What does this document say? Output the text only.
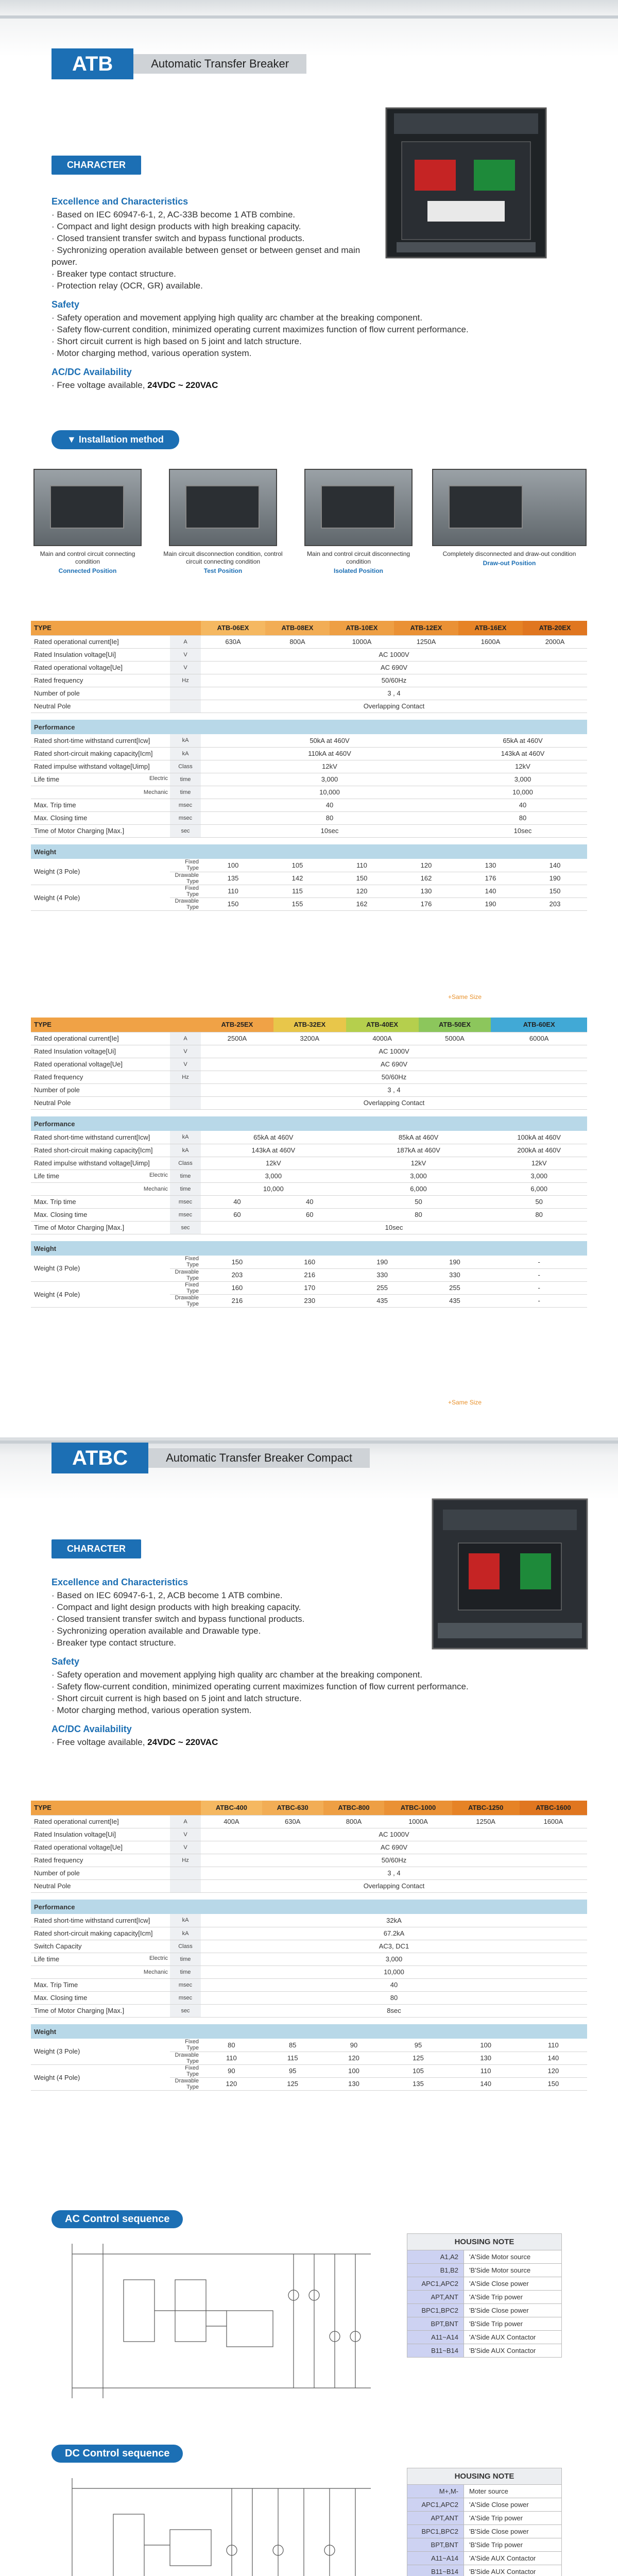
ATB	Automatic Transfer Breaker
CHARACTER
Excellence and Characteristics
· Based on IEC 60947-6-1, 2, AC-33B become 1 ATB combine.
· Compact and light design products with high breaking capacity.
· Closed transient transfer switch and bypass functional products.
· Sychronizing operation available between genset or between genset and main power.
· Breaker type contact structure.
· Protection relay (OCR, GR) available.
Safety
· Safety operation and movement applying high quality arc chamber at the breaking component.
· Safety flow-current condition, minimized operating current maximizes function of flow current performance.
· Short circuit current is high based on 5 joint and latch structure.
· Motor charging method, various operation system.
AC/DC Availability
· Free voltage available, 24VDC ~ 220VAC
▼ Installation method
Main and control circuit connecting condition
Connected Position
Main circuit disconnection condition, control circuit connecting condition
Test Position
Main and control circuit disconnecting condition
Isolated Position
Completely disconnected and draw-out condition
Draw-out Position
TYPE		ATB-06EX	ATB-08EX	ATB-10EX	ATB-12EX	ATB-16EX	ATB-20EX
Rated operational current[Ie]	A	630A	800A	1000A	1250A	1600A	2000A
Rated Insulation voltage[Ui]	V	AC 1000V					
Rated operational voltage[Ue]	V	AC 690V					
Rated frequency	Hz	50/60Hz					
Number of pole		3 , 4					
Neutral Pole		Overlapping Contact					

Performance							
Rated short-time withstand current[Icw]	kA	50kA at 460V				65kA at 460V	
Rated short-circuit making capacity[Icm]	kA	110kA at 460V				143kA at 460V	
Rated impulse withstand voltage[Uimp]	Class	12kV				12kV	
Life time Electric	time	3,000				3,000	
Mechanic	time	10,000				10,000	
Max. Trip time	msec	40				40	
Max. Closing time	msec	80				80	
Time of Motor Charging [Max.]	sec	10sec				10sec	

Weight							
Weight (3 Pole)	Fixed Type	100	105	110	120	130	140
	Drawable Type	135	142	150	162	176	190
Weight (4 Pole)	Fixed Type	110	115	120	130	140	150
	Drawable Type	150	155	162	176	190	203
+Same Size
TYPE		ATB-25EX	ATB-32EX	ATB-40EX	ATB-50EX	ATB-60EX
Rated operational current[Ie]	A	2500A	3200A	4000A	5000A	6000A
Rated Insulation voltage[Ui]	V	AC 1000V				
Rated operational voltage[Ue]	V	AC 690V				
Rated frequency	Hz	50/60Hz				
Number of pole		3 , 4				
Neutral Pole		Overlapping Contact				

Performance						
Rated short-time withstand current[Icw]	kA	65kA at 460V		85kA at 460V		100kA at 460V
Rated short-circuit making capacity[Icm]	kA	143kA at 460V		187kA at 460V		200kA at 460V
Rated impulse withstand voltage[Uimp]	Class	12kV		12kV		12kV
Life time Electric	time	3,000		3,000		3,000
Mechanic	time	10,000		6,000		6,000
Max. Trip time	msec	40	40	50		50
Max. Closing time	msec	60	60	80		80
Time of Motor Charging [Max.]	sec	10sec				

Weight						
Weight (3 Pole)	Fixed Type	150	160	190	190	-
	Drawable Type	203	216	330	330	-
Weight (4 Pole)	Fixed Type	160	170	255	255	-
	Drawable Type	216	230	435	435	-
+Same Size
ATBC	Automatic Transfer Breaker Compact
CHARACTER
Excellence and Characteristics
· Based on IEC 60947-6-1, 2, ACB become 1 ATB combine.
· Compact and light design products with high breaking capacity.
· Closed transient transfer switch and bypass functional products.
· Sychronizing operation available and Drawable type.
· Breaker type contact structure.
Safety
· Safety operation and movement applying high quality arc chamber at the breaking component.
· Safety flow-current condition, minimized operating current maximizes function of flow current performance.
· Short circuit current is high based on 5 joint and latch structure.
· Motor charging method, various operation system.
AC/DC Availability
· Free voltage available, 24VDC ~ 220VAC
TYPE		ATBC-400	ATBC-630	ATBC-800	ATBC-1000	ATBC-1250	ATBC-1600
Rated operational current[Ie]	A	400A	630A	800A	1000A	1250A	1600A
Rated Insulation voltage[Ui]	V	AC 1000V					
Rated operational voltage[Ue]	V	AC 690V					
Rated frequency	Hz	50/60Hz					
Number of pole		3 , 4					
Neutral Pole		Overlapping Contact					

Performance							
Rated short-time withstand current[Icw]	kA	32kA					
Rated short-circuit making capacity[Icm]	kA	67.2kA					
Switch Capacity	Class	AC3, DC1					
Life time Electric	time	3,000					
Mechanic	time	10,000					
Max. Trip Time	msec	40					
Max. Closing time	msec	80					
Time of Motor Charging [Max.]	sec	8sec					

Weight							
Weight (3 Pole)	Fixed Type	80	85	90	95	100	110
	Drawable Type	110	115	120	125	130	140
Weight (4 Pole)	Fixed Type	90	95	100	105	110	120
	Drawable Type	120	125	130	135	140	150
AC Control sequence
HOUSING NOTE	
A1,A2	'A'Side Motor source
B1,B2	'B'Side Motor source
APC1,APC2	'A'Side Close power
APT,ANT	'A'Side Trip power
BPC1,BPC2	'B'Side Close power
BPT,BNT	'B'Side Trip power
A11~A14	'A'Side AUX Contactor
B11~B14	'B'Side AUX Contactor
DC Control sequence
HOUSING NOTE	
M+,M-	Moter source
APC1,APC2	'A'Side Close power
APT,ANT	'A'Side Trip power
BPC1,BPC2	'B'Side Close power
BPT,BNT	'B'Side Trip power
A11~A14	'A'Side AUX Contactor
B11~B14	'B'Side AUX Contactor
